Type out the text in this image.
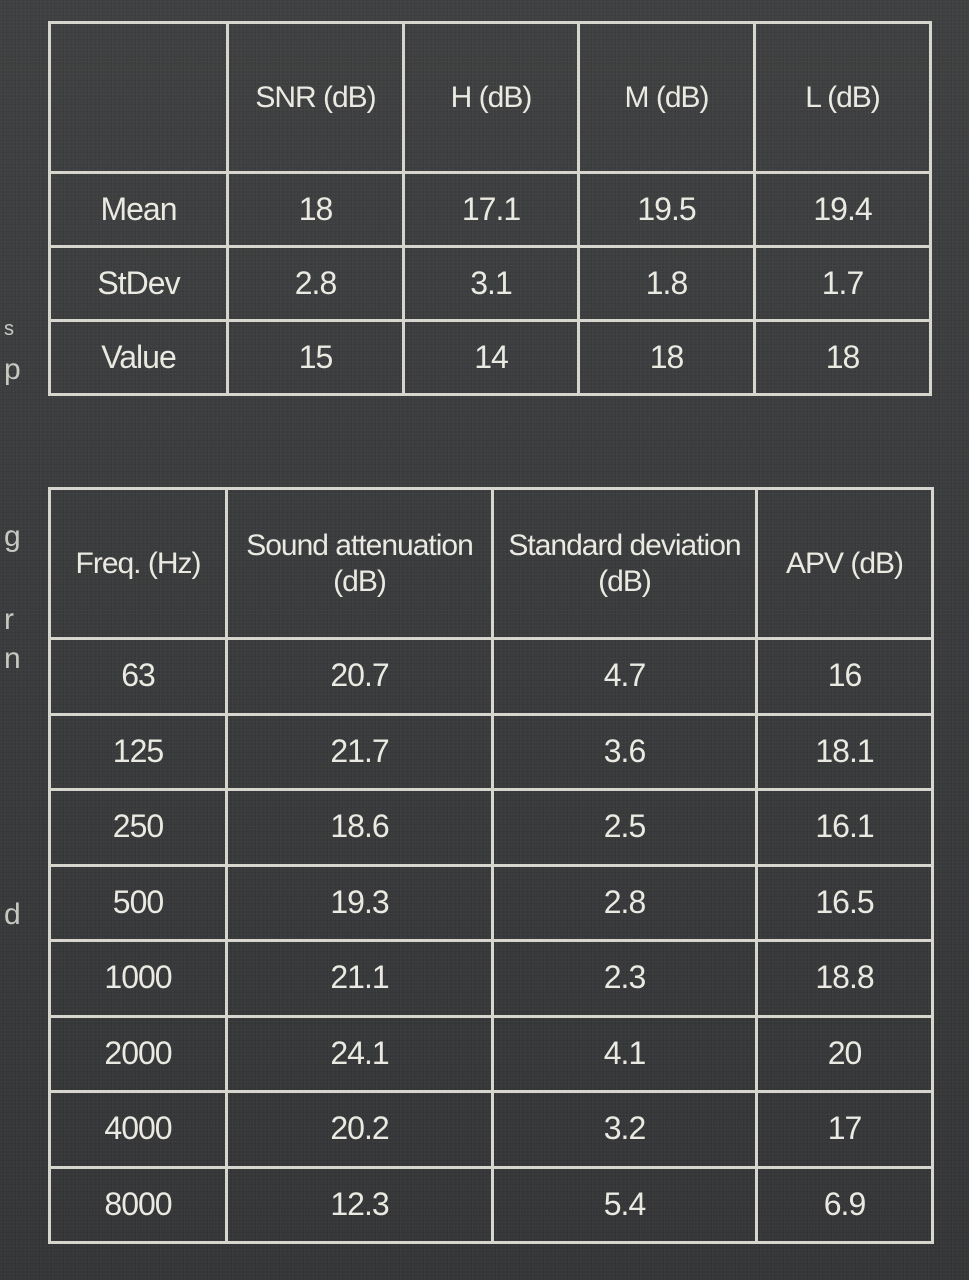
s
p
g
r
n
d
	SNR (dB)	H (dB)	M (dB)	L (dB)
Mean	18	17.1	19.5	19.4
StDev	2.8	3.1	1.8	1.7
Value	15	14	18	18
Freq. (Hz)	Sound attenuation (dB)	Standard deviation (dB)	APV (dB)
63	20.7	4.7	16
125	21.7	3.6	18.1
250	18.6	2.5	16.1
500	19.3	2.8	16.5
1000	21.1	2.3	18.8
2000	24.1	4.1	20
4000	20.2	3.2	17
8000	12.3	5.4	6.9
